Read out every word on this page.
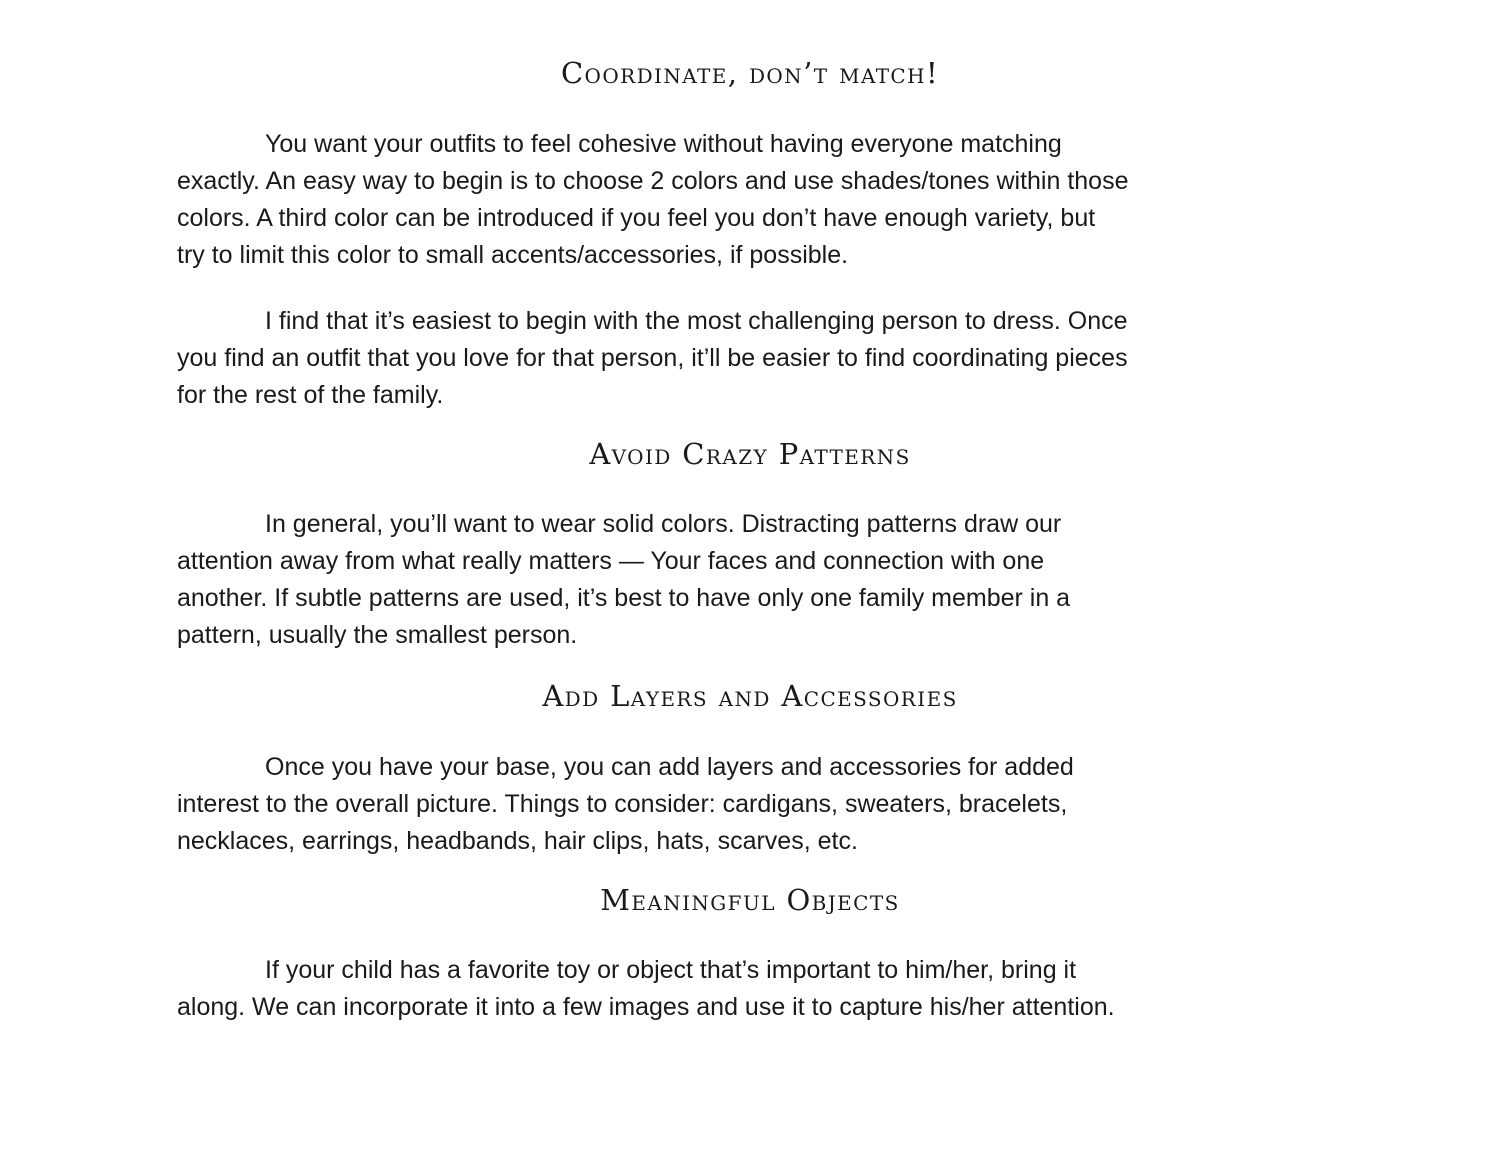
Coordinate, don’t match!

You want your outfits to feel cohesive without having everyone matching
exactly. An easy way to begin is to choose 2 colors and use shades/tones within those
colors. A third color can be introduced if you feel you don’t have enough variety, but
try to limit this color to small accents/accessories, if possible.

I find that it’s easiest to begin with the most challenging person to dress. Once
you find an outfit that you love for that person, it’ll be easier to find coordinating pieces
for the rest of the family.

Avoid Crazy Patterns

In general, you’ll want to wear solid colors. Distracting patterns draw our
attention away from what really matters — Your faces and connection with one
another. If subtle patterns are used, it’s best to have only one family member in a
pattern, usually the smallest person.

Add Layers and Accessories

Once you have your base, you can add layers and accessories for added
interest to the overall picture. Things to consider: cardigans, sweaters, bracelets,
necklaces, earrings, headbands, hair clips, hats, scarves, etc.

Meaningful Objects

If your child has a favorite toy or object that’s important to him/her, bring it
along. We can incorporate it into a few images and use it to capture his/her attention.
